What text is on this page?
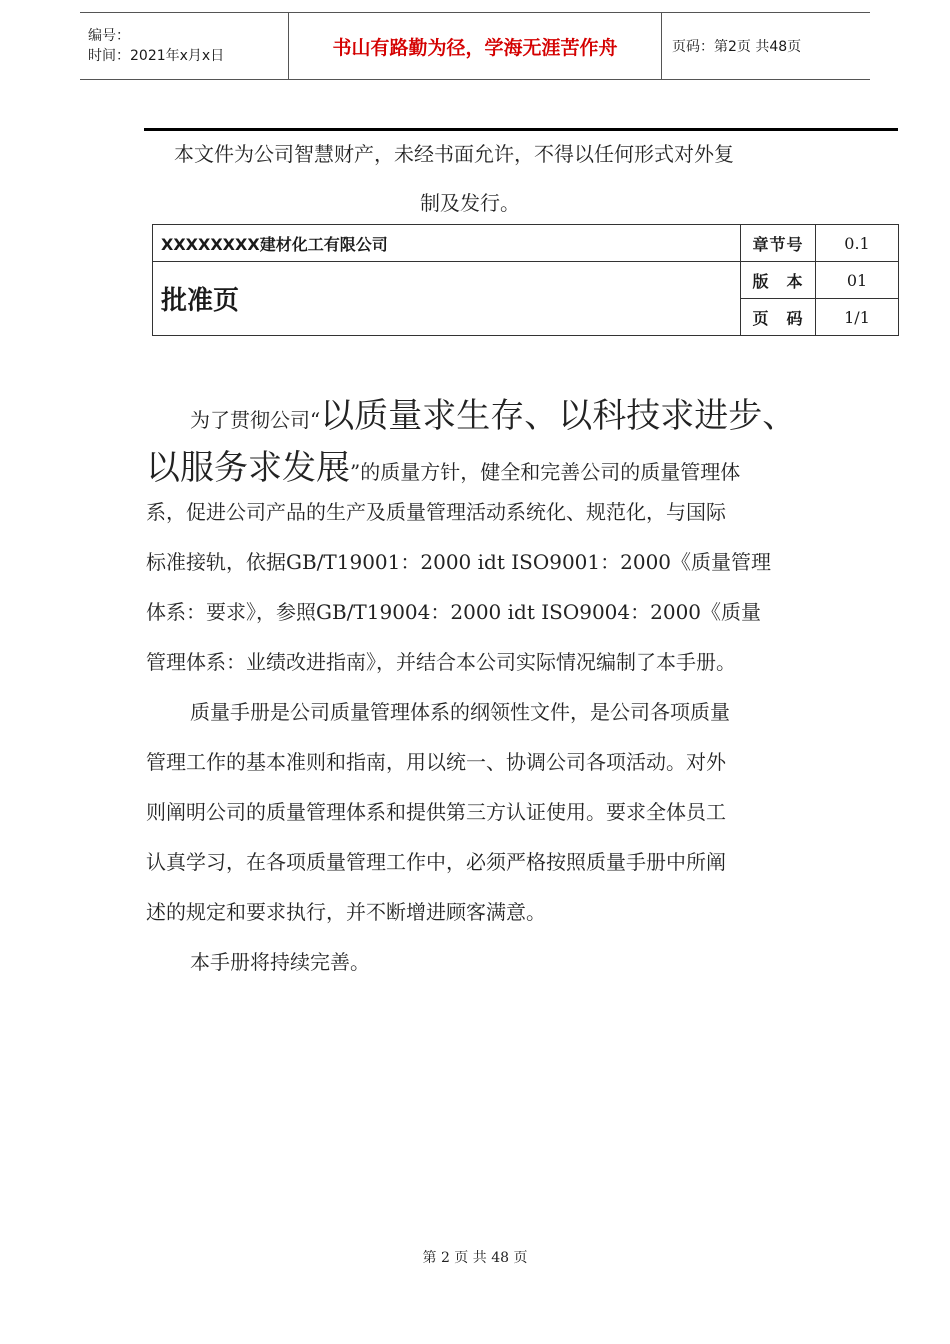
编号：
时间：2021年x月x日	书山有路勤为径，学海无涯苦作舟	页码：第2页 共48页
本文件为公司智慧财产，未经书面允许，不得以任何形式对外复
制及发行。
XXXXXXXX建材化工有限公司	章节号	0.1
批准页	版　本	01
	页　码	1/1
为了贯彻公司“以质量求生存、以科技求进步、
以服务求发展”的质量方针，健全和完善公司的质量管理体
系，促进公司产品的生产及质量管理活动系统化、规范化，与国际
标准接轨，依据GB/T19001：2000 idt ISO9001：2000《质量管理
体系：要求》，参照GB/T19004：2000 idt ISO9004：2000《质量
管理体系：业绩改进指南》，并结合本公司实际情况编制了本手册。
质量手册是公司质量管理体系的纲领性文件，是公司各项质量
管理工作的基本准则和指南，用以统一、协调公司各项活动。对外
则阐明公司的质量管理体系和提供第三方认证使用。要求全体员工
认真学习，在各项质量管理工作中，必须严格按照质量手册中所阐
述的规定和要求执行，并不断增进顾客满意。
本手册将持续完善。
第 2 页 共 48 页
